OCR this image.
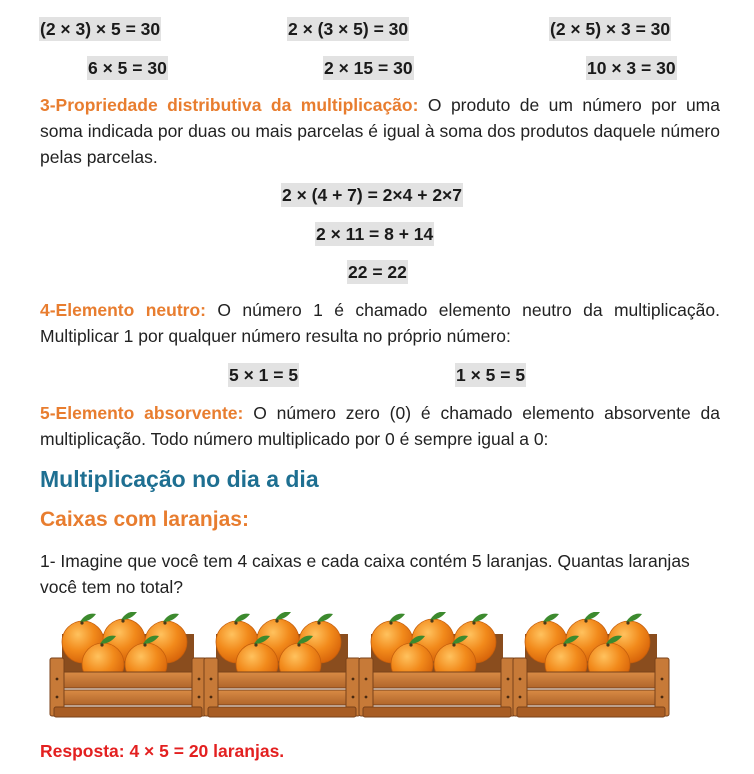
(2 × 3) × 5 = 30
6 × 5 = 30
2 × (3 × 5) = 30
2 × 15 = 30
(2 × 5) × 3 = 30
10 × 3 = 30

3-Propriedade distributiva da multiplicação: O produto de um número por uma soma indicada por duas ou mais parcelas é igual à soma dos produtos daquele número pelas parcelas.

2 × (4 + 7) = 2×4 + 2×7
2 × 11 = 8 + 14
22 = 22

4-Elemento neutro: O número 1 é chamado elemento neutro da multiplicação. Multiplicar 1 por qualquer número resulta no próprio número:

5 × 1 = 5	1 × 5 = 5

5-Elemento absorvente: O número zero (0) é chamado elemento absorvente da multiplicação. Todo número multiplicado por 0 é sempre igual a 0:

Multiplicação no dia a dia
Caixas com laranjas:

1- Imagine que você tem 4 caixas e cada caixa contém 5 laranjas. Quantas laranjas você tem no total?

Resposta: 4 × 5 = 20 laranjas.
